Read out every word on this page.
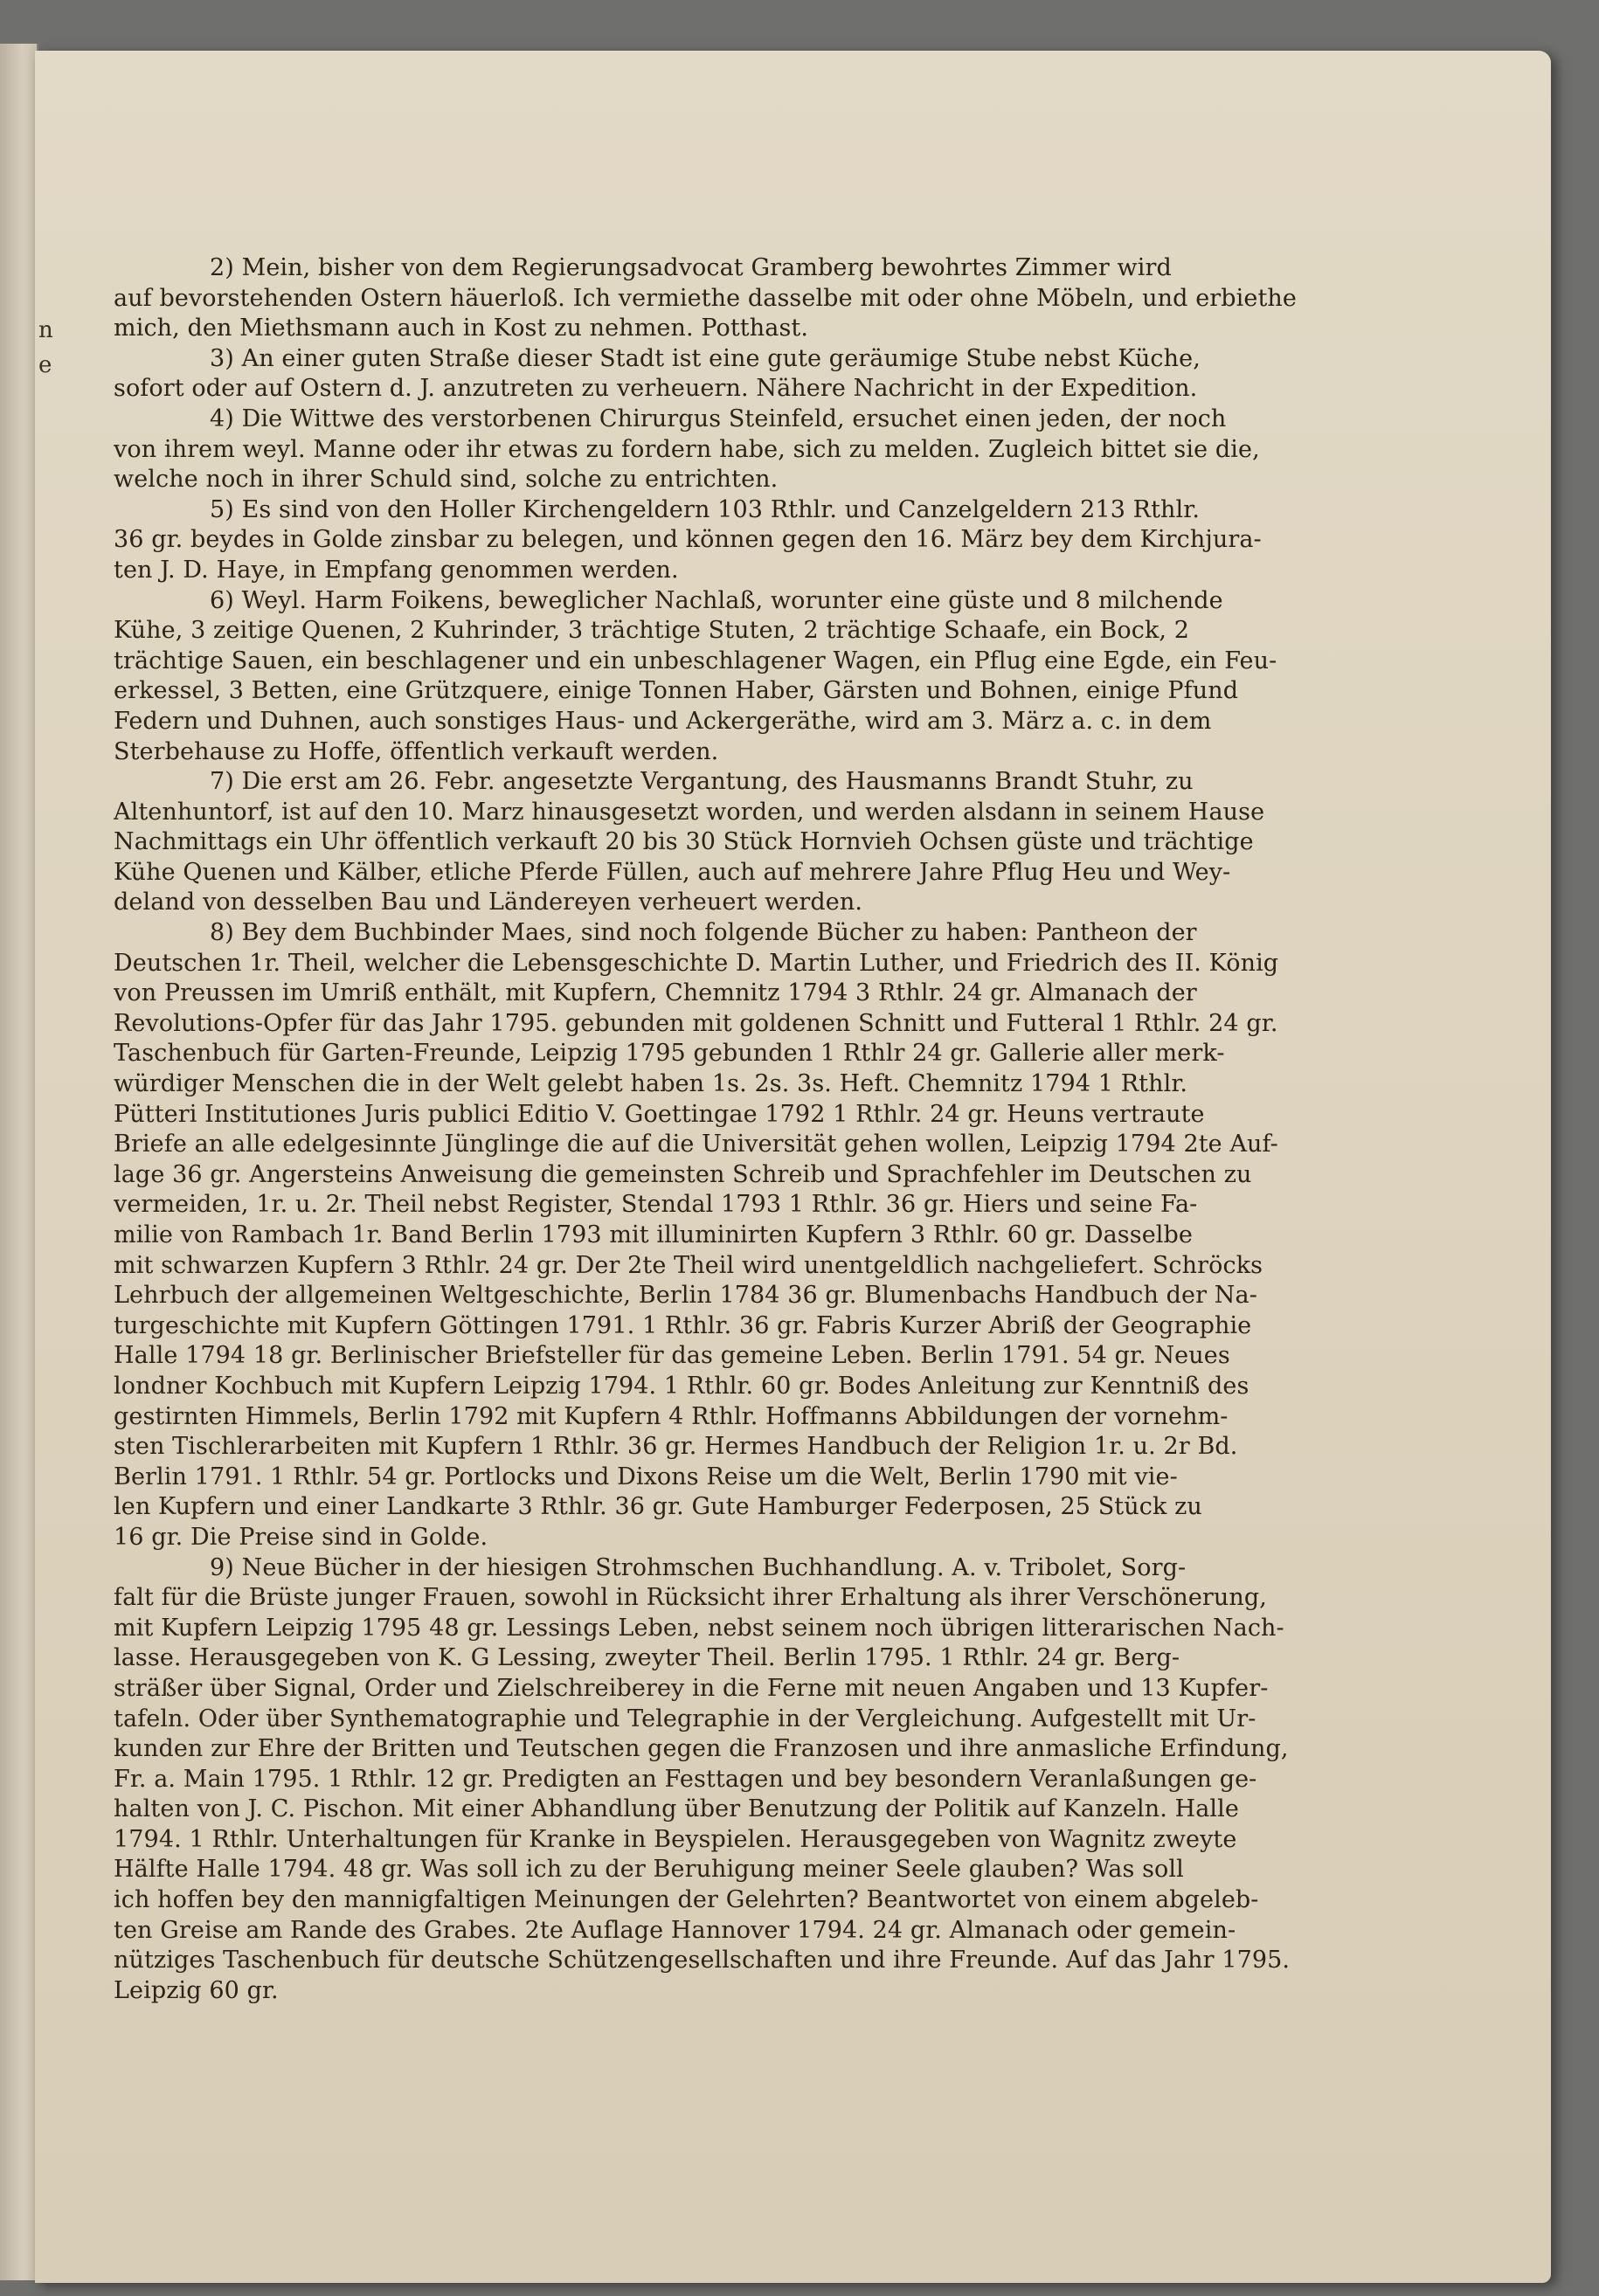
n
e
2) Mein, bisher von dem Regierungsadvocat Gramberg bewohrtes Zimmer wird
auf bevorstehenden Ostern häuerloß. Ich vermiethe dasselbe mit oder ohne Möbeln, und erbiethe
mich, den Miethsmann auch in Kost zu nehmen. Potthast.
3) An einer guten Straße dieser Stadt ist eine gute geräumige Stube nebst Küche,
sofort oder auf Ostern d. J. anzutreten zu verheuern. Nähere Nachricht in der Expedition.
4) Die Wittwe des verstorbenen Chirurgus Steinfeld, ersuchet einen jeden, der noch
von ihrem weyl. Manne oder ihr etwas zu fordern habe, sich zu melden. Zugleich bittet sie die,
welche noch in ihrer Schuld sind, solche zu entrichten.
5) Es sind von den Holler Kirchengeldern 103 Rthlr. und Canzelgeldern 213 Rthlr.
36 gr. beydes in Golde zinsbar zu belegen, und können gegen den 16. März bey dem Kirchjura-
ten J. D. Haye, in Empfang genommen werden.
6) Weyl. Harm Foikens, beweglicher Nachlaß, worunter eine güste und 8 milchende
Kühe, 3 zeitige Quenen, 2 Kuhrinder, 3 trächtige Stuten, 2 trächtige Schaafe, ein Bock, 2
trächtige Sauen, ein beschlagener und ein unbeschlagener Wagen, ein Pflug eine Egde, ein Feu-
erkessel, 3 Betten, eine Grützquere, einige Tonnen Haber, Gärsten und Bohnen, einige Pfund
Federn und Duhnen, auch sonstiges Haus- und Ackergeräthe, wird am 3. März a. c. in dem
Sterbehause zu Hoffe, öffentlich verkauft werden.
7) Die erst am 26. Febr. angesetzte Vergantung, des Hausmanns Brandt Stuhr, zu
Altenhuntorf, ist auf den 10. Marz hinausgesetzt worden, und werden alsdann in seinem Hause
Nachmittags ein Uhr öffentlich verkauft 20 bis 30 Stück Hornvieh Ochsen güste und trächtige
Kühe Quenen und Kälber, etliche Pferde Füllen, auch auf mehrere Jahre Pflug Heu und Wey-
deland von desselben Bau und Ländereyen verheuert werden.
8) Bey dem Buchbinder Maes, sind noch folgende Bücher zu haben: Pantheon der
Deutschen 1r. Theil, welcher die Lebensgeschichte D. Martin Luther, und Friedrich des II. König
von Preussen im Umriß enthält, mit Kupfern, Chemnitz 1794 3 Rthlr. 24 gr. Almanach der
Revolutions-Opfer für das Jahr 1795. gebunden mit goldenen Schnitt und Futteral 1 Rthlr. 24 gr.
Taschenbuch für Garten-Freunde, Leipzig 1795 gebunden 1 Rthlr 24 gr. Gallerie aller merk-
würdiger Menschen die in der Welt gelebt haben 1s. 2s. 3s. Heft. Chemnitz 1794 1 Rthlr.
Pütteri Institutiones Juris publici Editio V. Goettingae 1792 1 Rthlr. 24 gr. Heuns vertraute
Briefe an alle edelgesinnte Jünglinge die auf die Universität gehen wollen, Leipzig 1794 2te Auf-
lage 36 gr. Angersteins Anweisung die gemeinsten Schreib und Sprachfehler im Deutschen zu
vermeiden, 1r. u. 2r. Theil nebst Register, Stendal 1793 1 Rthlr. 36 gr. Hiers und seine Fa-
milie von Rambach 1r. Band Berlin 1793 mit illuminirten Kupfern 3 Rthlr. 60 gr. Dasselbe
mit schwarzen Kupfern 3 Rthlr. 24 gr. Der 2te Theil wird unentgeldlich nachgeliefert. Schröcks
Lehrbuch der allgemeinen Weltgeschichte, Berlin 1784 36 gr. Blumenbachs Handbuch der Na-
turgeschichte mit Kupfern Göttingen 1791. 1 Rthlr. 36 gr. Fabris Kurzer Abriß der Geographie
Halle 1794 18 gr. Berlinischer Briefsteller für das gemeine Leben. Berlin 1791. 54 gr. Neues
londner Kochbuch mit Kupfern Leipzig 1794. 1 Rthlr. 60 gr. Bodes Anleitung zur Kenntniß des
gestirnten Himmels, Berlin 1792 mit Kupfern 4 Rthlr. Hoffmanns Abbildungen der vornehm-
sten Tischlerarbeiten mit Kupfern 1 Rthlr. 36 gr. Hermes Handbuch der Religion 1r. u. 2r Bd.
Berlin 1791. 1 Rthlr. 54 gr. Portlocks und Dixons Reise um die Welt, Berlin 1790 mit vie-
len Kupfern und einer Landkarte 3 Rthlr. 36 gr. Gute Hamburger Federposen, 25 Stück zu
16 gr. Die Preise sind in Golde.
9) Neue Bücher in der hiesigen Strohmschen Buchhandlung. A. v. Tribolet, Sorg-
falt für die Brüste junger Frauen, sowohl in Rücksicht ihrer Erhaltung als ihrer Verschönerung,
mit Kupfern Leipzig 1795 48 gr. Lessings Leben, nebst seinem noch übrigen litterarischen Nach-
lasse. Herausgegeben von K. G Lessing, zweyter Theil. Berlin 1795. 1 Rthlr. 24 gr. Berg-
sträßer über Signal, Order und Zielschreiberey in die Ferne mit neuen Angaben und 13 Kupfer-
tafeln. Oder über Synthematographie und Telegraphie in der Vergleichung. Aufgestellt mit Ur-
kunden zur Ehre der Britten und Teutschen gegen die Franzosen und ihre anmasliche Erfindung,
Fr. a. Main 1795. 1 Rthlr. 12 gr. Predigten an Festtagen und bey besondern Veranlaßungen ge-
halten von J. C. Pischon. Mit einer Abhandlung über Benutzung der Politik auf Kanzeln. Halle
1794. 1 Rthlr. Unterhaltungen für Kranke in Beyspielen. Herausgegeben von Wagnitz zweyte
Hälfte Halle 1794. 48 gr. Was soll ich zu der Beruhigung meiner Seele glauben? Was soll
ich hoffen bey den mannigfaltigen Meinungen der Gelehrten? Beantwortet von einem abgeleb-
ten Greise am Rande des Grabes. 2te Auflage Hannover 1794. 24 gr. Almanach oder gemein-
nütziges Taschenbuch für deutsche Schützengesellschaften und ihre Freunde. Auf das Jahr 1795.
Leipzig 60 gr.
